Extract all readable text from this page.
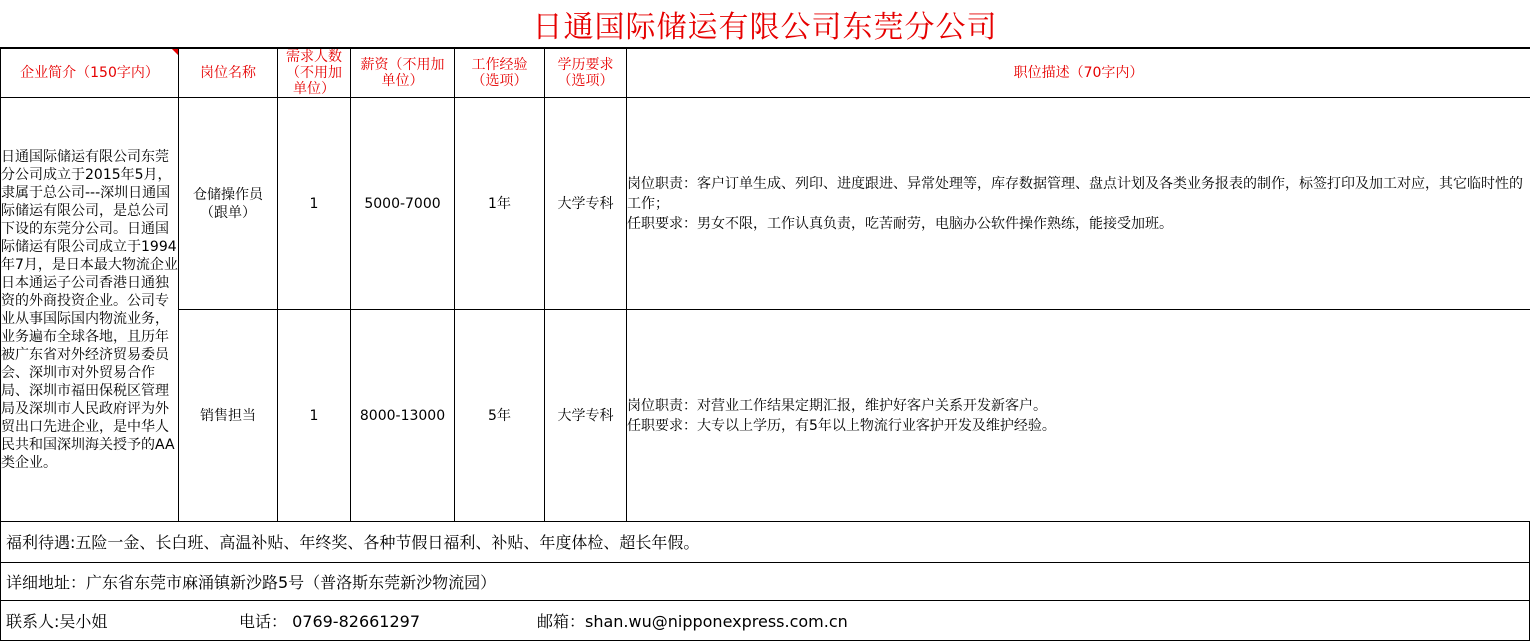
日通国际储运有限公司东莞分公司
企业简介（150字内）	岗位名称	需求人数（不用加单位）	薪资（不用加单位）	工作经验（选项）	学历要求（选项）	职位描述（70字内）
日通国际储运有限公司东莞分公司成立于2015年5月，隶属于总公司---深圳日通国际储运有限公司，是总公司下设的东莞分公司。日通国际储运有限公司成立于1994年7月，是日本最大物流企业日本通运子公司香港日通独资的外商投资企业。公司专业从事国际国内物流业务，业务遍布全球各地，且历年被广东省对外经济贸易委员会、深圳市对外贸易合作局、深圳市福田保税区管理局及深圳市人民政府评为外贸出口先进企业，是中华人民共和国深圳海关授予的AA类企业。	仓储操作员（跟单）	1	5000-7000	1年	大学专科	岗位职责：客户订单生成、列印、进度跟进、异常处理等，库存数据管理、盘点计划及各类业务报表的制作，标签打印及加工对应，其它临时性的工作；
任职要求：男女不限，工作认真负责，吃苦耐劳，电脑办公软件操作熟练，能接受加班。

	销售担当	1	8000-13000	5年	大学专科	岗位职责：对营业工作结果定期汇报，维护好客户关系开发新客户。
任职要求：大专以上学历，有5年以上物流行业客护开发及维护经验。
福利待遇:五险一金、长白班、高温补贴、年终奖、各种节假日福利、补贴、年度体检、超长年假。
详细地址：广东省东莞市麻涌镇新沙路5号（普洛斯东莞新沙物流园）
联系人:吴小姐	电话： 0769-82661297	邮箱：shan.wu@nipponexpress.com.cn
